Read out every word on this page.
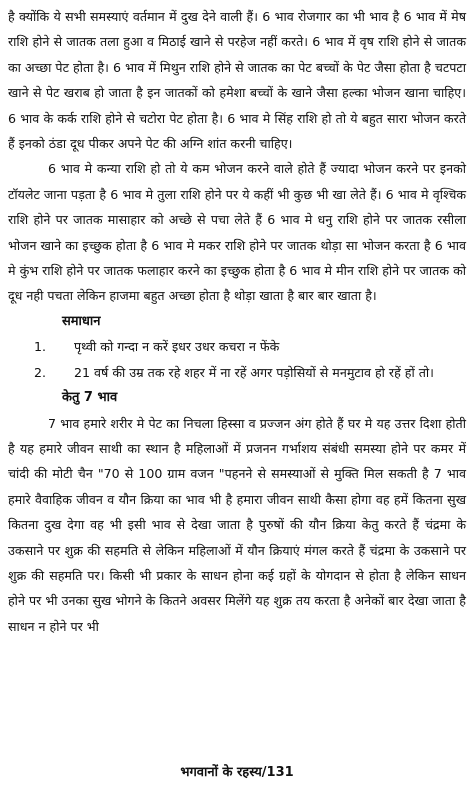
है क्योंकि ये सभी समस्याएं वर्तमान में दुख देने वाली हैं। 6 भाव रोजगार का भी भाव है 6 भाव में मेष राशि होने से जातक तला हुआ व मिठाई खाने से परहेज नहीं करते। 6 भाव में वृष राशि होने से जातक का अच्छा पेट होता है। 6 भाव में मिथुन राशि होने से जातक का पेट बच्चों के पेट जैसा होता है चटपटा खाने से पेट खराब हो जाता है इन जातकों को हमेशा बच्चों के खाने जैसा हल्का भोजन खाना चाहिए। 6 भाव के कर्क राशि होने से चटोरा पेट होता है। 6 भाव मे सिंह राशि हो तो ये बहुत सारा भोजन करते हैं इनको ठंडा दूध पीकर अपने पेट की अग्नि शांत करनी चाहिए।

6 भाव मे कन्या राशि हो तो ये कम भोजन करने वाले होते हैं ज्यादा भोजन करने पर इनको टॉयलेट जाना पड़ता है 6 भाव मे तुला राशि होने पर ये कहीं भी कुछ भी खा लेते हैं। 6 भाव मे वृश्चिक राशि होने पर जातक मासाहार को अच्छे से पचा लेते हैं 6 भाव मे धनु राशि होने पर जातक रसीला भोजन खाने का इच्छुक होता है 6 भाव मे मकर राशि होने पर जातक थोड़ा सा भोजन करता है 6 भाव मे कुंभ राशि होने पर जातक फलाहार करने का इच्छुक होता है 6 भाव मे मीन राशि होने पर जातक को दूध नही पचता लेकिन हाजमा बहुत अच्छा होता है थोड़ा खाता है बार बार खाता है।

समाधान

1.	पृथ्वी को गन्दा न करें इधर उधर कचरा न फेंके
2.	21 वर्ष की उम्र तक रहे शहर में ना रहें अगर पड़ोसियों से मनमुटाव हो रहें हों तो।

केतु 7 भाव

7 भाव हमारे शरीर मे पेट का निचला हिस्सा व प्रज्जन अंग होते हैं घर मे यह उत्तर दिशा होती है यह हमारे जीवन साथी का स्थान है महिलाओं में प्रजनन गर्भाशय संबंधी समस्या होने पर कमर में चांदी की मोटी चैन "70 से 100 ग्राम वजन "पहनने से समस्याओं से मुक्ति मिल सकती है 7 भाव हमारे वैवाहिक जीवन व यौन क्रिया का भाव भी है हमारा जीवन साथी कैसा होगा वह हमें कितना सुख कितना दुख देगा वह भी इसी भाव से देखा जाता है पुरुषों की यौन क्रिया केतु करते हैं चंद्रमा के उकसाने पर शुक्र की सहमति से लेकिन महिलाओं में यौन क्रियाएं मंगल करते हैं चंद्रमा के उकसाने पर शुक्र की सहमति पर। किसी भी प्रकार के साधन होना कई ग्रहों के योगदान से होता है लेकिन साधन होने पर भी उनका सुख भोगने के कितने अवसर मिलेंगे यह शुक्र तय करता है अनेकों बार देखा जाता है साधन न होने पर भी

भगवानों के रहस्य/131
